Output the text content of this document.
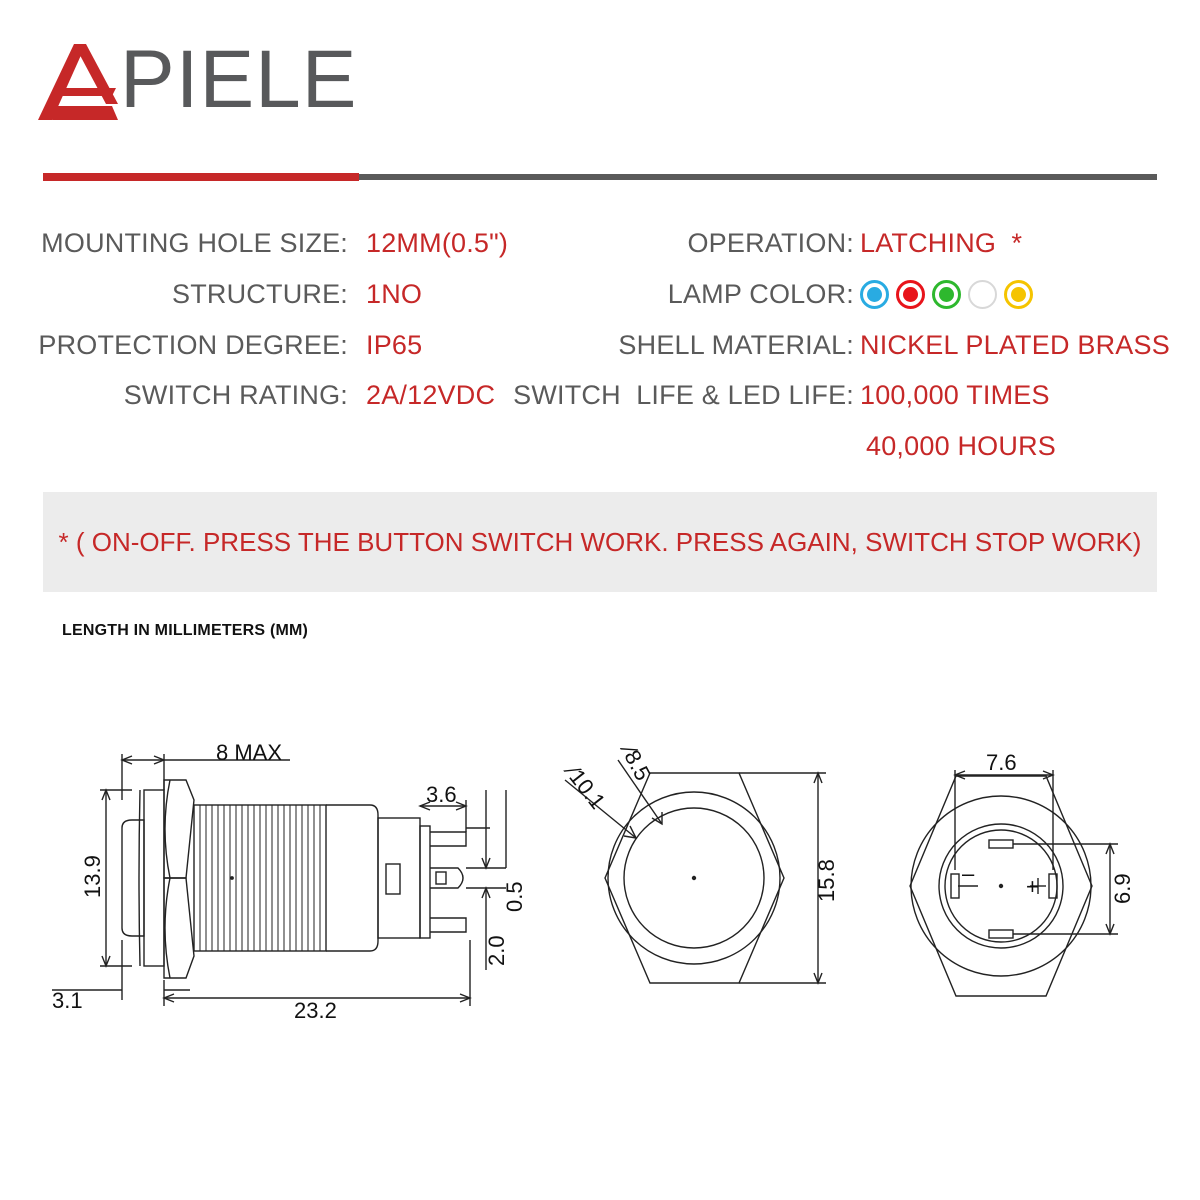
PIELE
MOUNTING HOLE SIZE: 12MM(0.5")
STRUCTURE: 1NO
PROTECTION DEGREE: IP65
SWITCH RATING: 2A/12VDC
OPERATION: LATCHING  *
LAMP COLOR:
SHELL MATERIAL: NICKEL PLATED BRASS
SWITCH  LIFE & LED LIFE: 100,000 TIMES
40,000 HOURS
* ( ON-OFF. PRESS THE BUTTON SWITCH WORK. PRESS AGAIN, SWITCH STOP WORK)
LENGTH IN MILLIMETERS (MM)
8 MAX
13.9
3.1	23.2
3.6
0.5
2.0
∕10.1 ∕8.5
15.8
7.6
6.9
–
+
